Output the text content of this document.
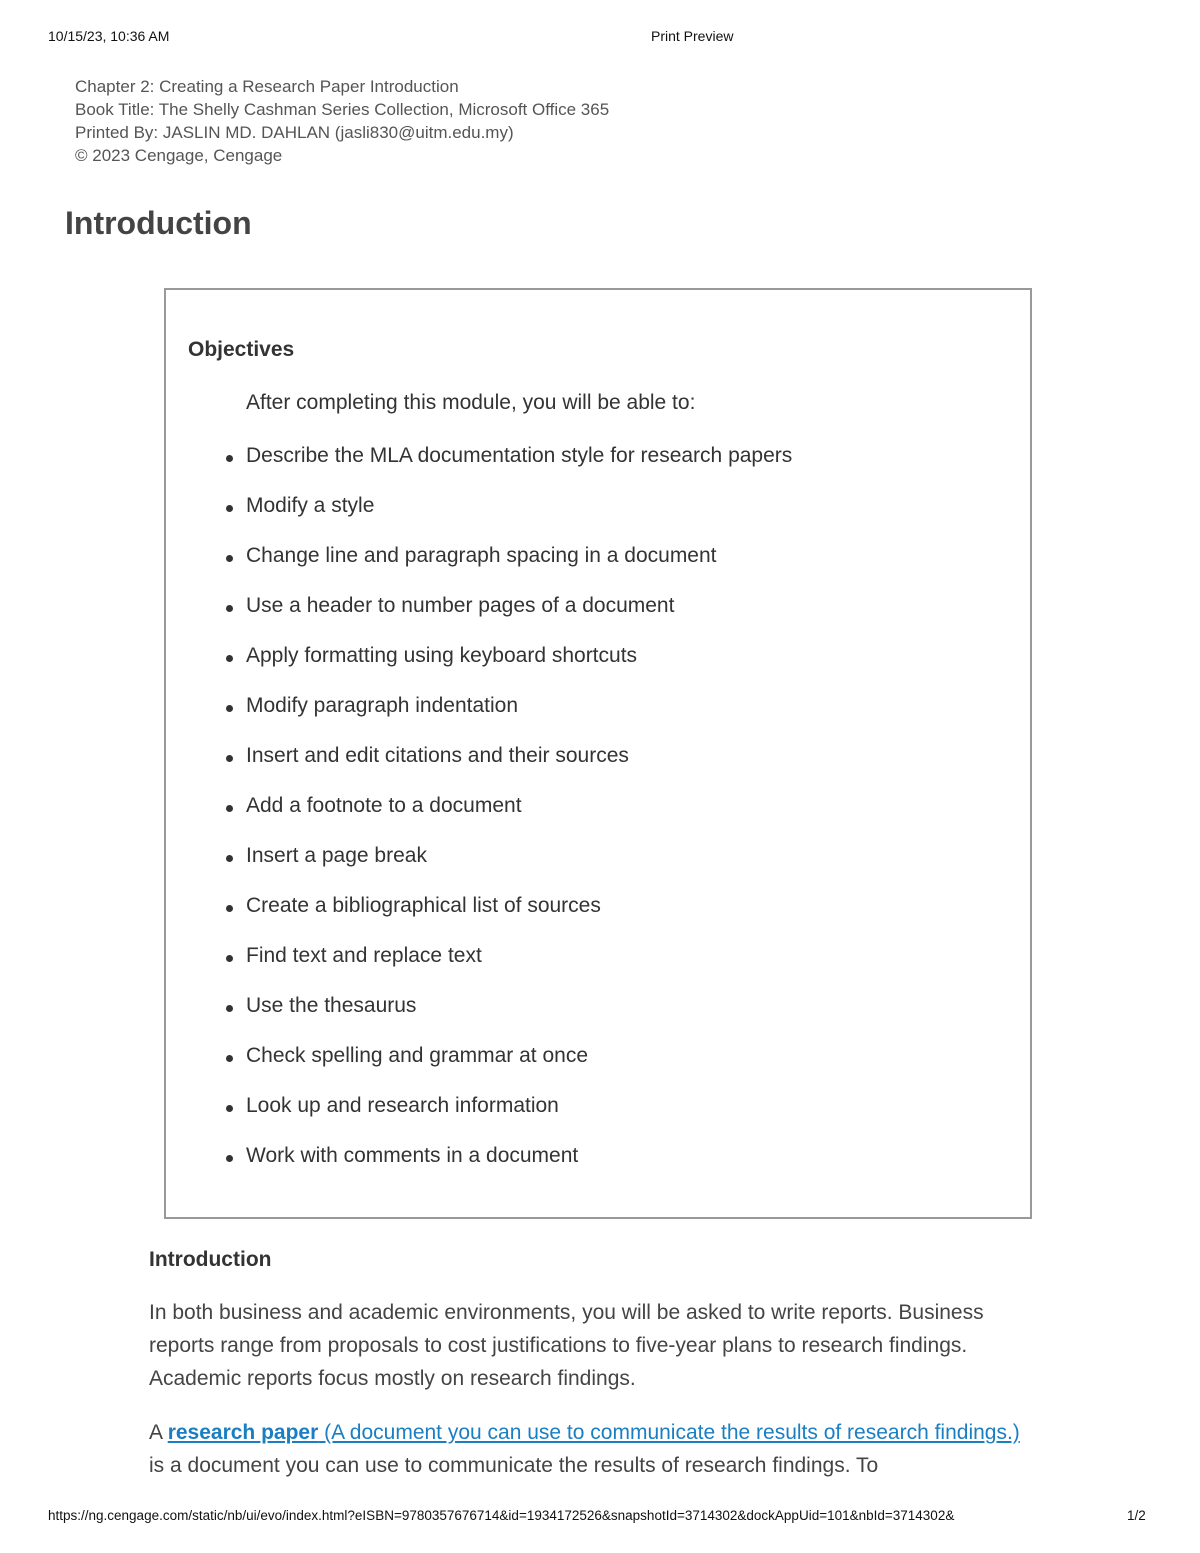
10/15/23, 10:36 AM	Print Preview
Chapter 2: Creating a Research Paper Introduction
Book Title: The Shelly Cashman Series Collection, Microsoft Office 365
Printed By: JASLIN MD. DAHLAN (jasli830@uitm.edu.my)
© 2023 Cengage, Cengage
Introduction
Objectives
After completing this module, you will be able to:
Describe the MLA documentation style for research papers
Modify a style
Change line and paragraph spacing in a document
Use a header to number pages of a document
Apply formatting using keyboard shortcuts
Modify paragraph indentation
Insert and edit citations and their sources
Add a footnote to a document
Insert a page break
Create a bibliographical list of sources
Find text and replace text
Use the thesaurus
Check spelling and grammar at once
Look up and research information
Work with comments in a document
Introduction

In both business and academic environments, you will be asked to write reports. Business reports range from proposals to cost justifications to five-year plans to research findings. Academic reports focus mostly on research findings.

A research paper (A document you can use to communicate the results of research findings.) is a document you can use to communicate the results of research findings. To

https://ng.cengage.com/static/nb/ui/evo/index.html?eISBN=9780357676714&id=1934172526&snapshotId=3714302&dockAppUid=101&nbId=3714302&	1/2
